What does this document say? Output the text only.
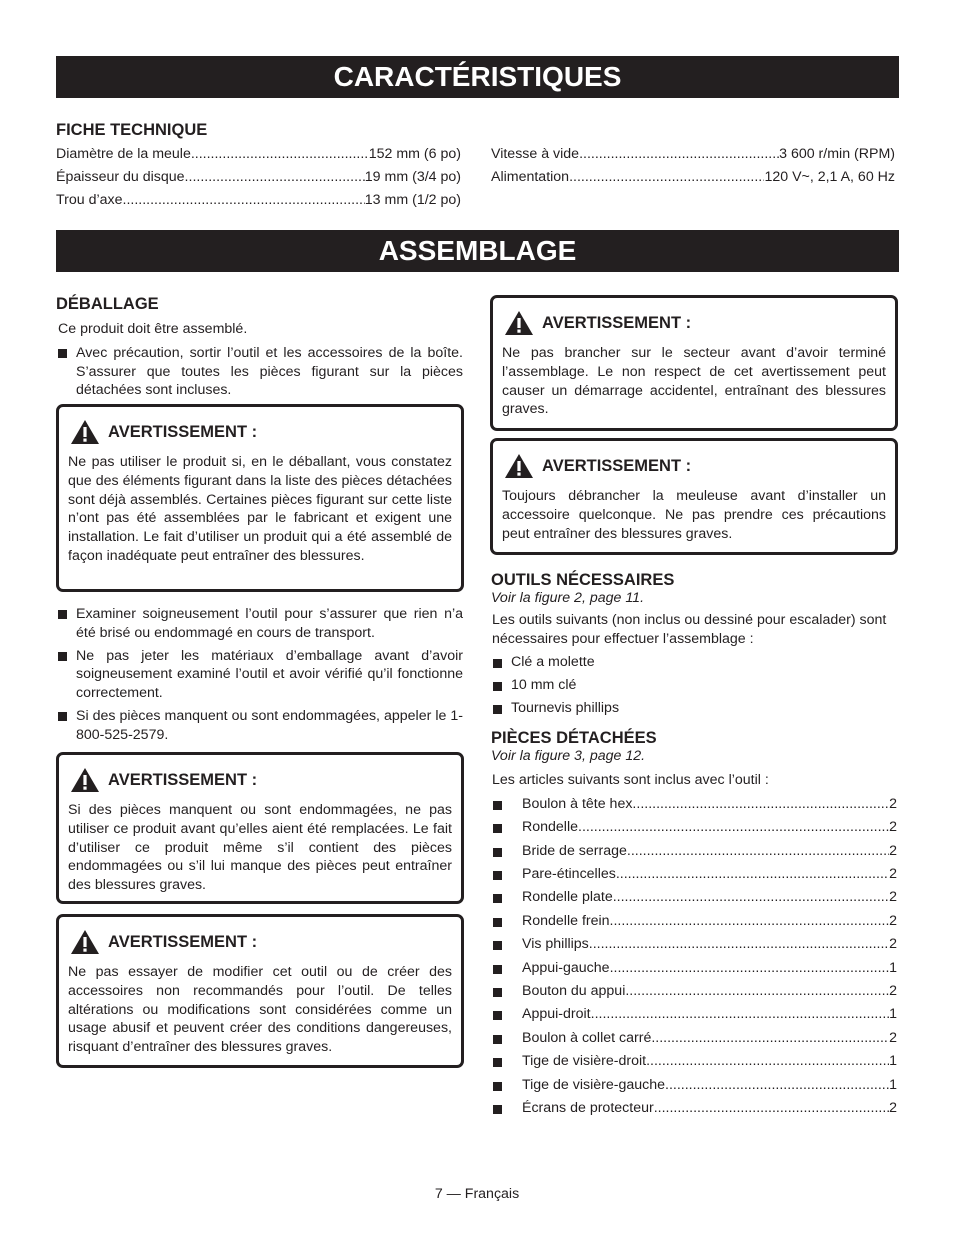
CARACTÉRISTIQUES
FICHE TECHNIQUE
Diamètre de la meule .....	152 mm (6 po)
Épaisseur du disque. .....	19 mm (3/4 po)
Trou d’axe .....	13 mm (1/2 po)
Vitesse à vide .....	3 600 r/min (RPM)
Alimentation .....	120 V~, 2,1 A, 60 Hz
ASSEMBLAGE
DÉBALLAGE

Ce produit doit être assemblé.

Avec précaution, sortir l’outil et les accessoires de la boîte. S’assurer que toutes les pièces figurant sur la pièces détachées sont incluses.
AVERTISSEMENT :
Ne pas utiliser le produit si, en le déballant, vous constatez que des éléments figurant dans la liste des pièces détachées sont déjà assemblés. Certaines pièces figurant sur cette liste n’ont pas été assemblées par le fabricant et exigent une installation. Le fait d’utiliser un produit qui a été assemblé de façon inadéquate peut entraîner des blessures.
Examiner soigneusement l’outil pour s’assurer que rien n’a été brisé ou endommagé en cours de transport.
Ne pas jeter les matériaux d’emballage avant d’avoir soigneusement examiné l’outil et avoir vérifié qu’il fonctionne correctement.
Si des pièces manquent ou sont endommagées, appeler le 1-800-525-2579.
AVERTISSEMENT :
Si des pièces manquent ou sont endommagées, ne pas utiliser ce produit avant qu’elles aient été remplacées. Le fait d’utiliser ce produit même s’il contient des pièces endommagées ou s’il lui manque des pièces peut entraîner des blessures graves.
AVERTISSEMENT :
Ne pas essayer de modifier cet outil ou de créer des accessoires non recommandés pour l’outil. De telles altérations ou modifications sont considérées comme un usage abusif et peuvent créer des conditions dangereuses, risquant d’entraîner des blessures graves.
AVERTISSEMENT :
Ne pas brancher sur le secteur avant d’avoir terminé l’assemblage. Le non respect de cet avertissement peut causer un démarrage accidentel, entraînant des blessures graves.
AVERTISSEMENT :
Toujours débrancher la meuleuse avant d’installer un accessoire quelconque. Ne pas prendre ces précautions peut entraîner des blessures graves.
OUTILS NÉCESSAIRES

Voir la figure 2, page 11.

Les outils suivants (non inclus ou dessiné pour escalader) sont nécessaires pour effectuer l’assemblage :

Clé a molette
10 mm clé
Tournevis phillips
PIÈCES DÉTACHÉES

Voir la figure 3, page 12.

Les articles suivants sont inclus avec l’outil :

Boulon à tête hex. .....	2
Rondelle .....	2
Bride de serrage .....	2
Pare-étincelles .....	2
Rondelle plate .....	2
Rondelle frein .....	2
Vis phillips .....	2
Appui-gauche .....	1
Bouton du appui .....	2
Appui-droit .....	1
Boulon à collet carré .....	2
Tige de visière-droit .....	1
Tige de visière-gauche .....	1
Écrans de protecteur .....	2
7 — Français
